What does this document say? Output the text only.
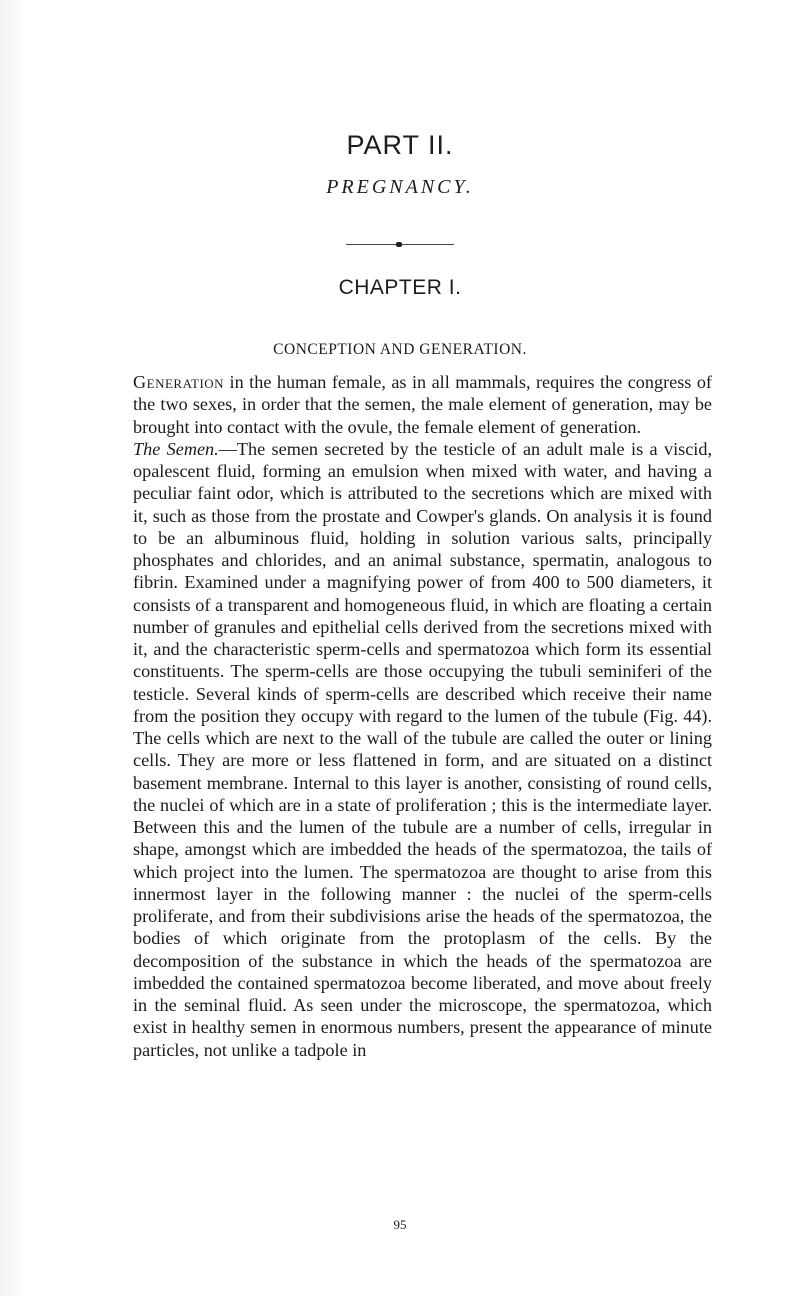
PART II.
PREGNANCY.
CHAPTER I.
CONCEPTION AND GENERATION.

Generation in the human female, as in all mammals, requires the congress of the two sexes, in order that the semen, the male element of generation, may be brought into contact with the ovule, the female element of generation.

The Semen.—The semen secreted by the testicle of an adult male is a viscid, opalescent fluid, forming an emulsion when mixed with water, and having a peculiar faint odor, which is attributed to the secretions which are mixed with it, such as those from the prostate and Cowper's glands. On analysis it is found to be an albuminous fluid, holding in solution various salts, principally phosphates and chlorides, and an animal substance, spermatin, analogous to fibrin. Examined under a magnifying power of from 400 to 500 diameters, it consists of a transparent and homogeneous fluid, in which are floating a certain number of granules and epithelial cells derived from the secretions mixed with it, and the characteristic sperm-cells and spermatozoa which form its essential constituents. The sperm-cells are those occupying the tubuli seminiferi of the testicle. Several kinds of sperm-cells are described which receive their name from the position they occupy with regard to the lumen of the tubule (Fig. 44). The cells which are next to the wall of the tubule are called the outer or lining cells. They are more or less flattened in form, and are situated on a distinct basement membrane. Internal to this layer is another, consisting of round cells, the nuclei of which are in a state of proliferation ; this is the intermediate layer. Between this and the lumen of the tubule are a number of cells, irregular in shape, amongst which are imbedded the heads of the spermatozoa, the tails of which project into the lumen. The spermatozoa are thought to arise from this innermost layer in the following manner : the nuclei of the sperm-cells proliferate, and from their subdivisions arise the heads of the spermatozoa, the bodies of which originate from the protoplasm of the cells. By the decomposition of the substance in which the heads of the spermatozoa are imbedded the contained spermatozoa become liberated, and move about freely in the seminal fluid. As seen under the microscope, the spermatozoa, which exist in healthy semen in enormous numbers, present the appearance of minute particles, not unlike a tadpole in

95
